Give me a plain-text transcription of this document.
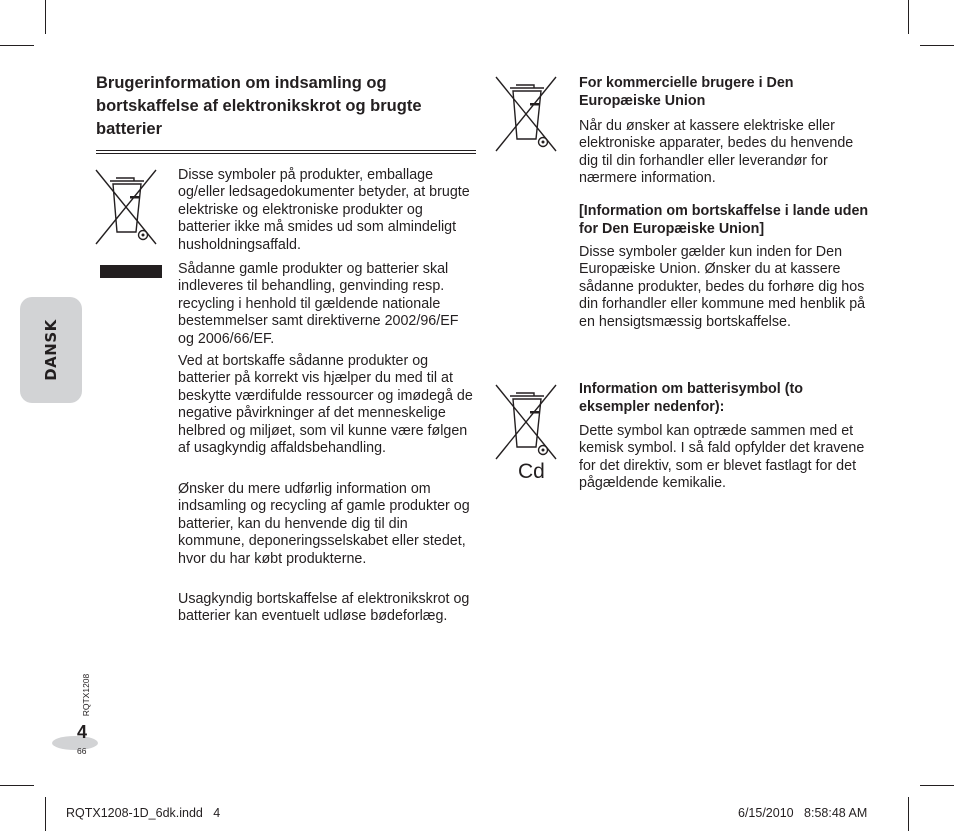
DANSK
Brugerinformation om indsamling og bortskaffelse af elektronikskrot og brugte batterier

Disse symboler på produkter, emballage og/eller ledsagedokumenter betyder, at brugte elektriske og elektroniske produkter og batterier ikke må smides ud som almindeligt husholdningsaffald.

Sådanne gamle produkter og batterier skal indleveres til behandling, genvinding resp. recycling i henhold til gældende nationale bestemmelser samt direktiverne 2002/96/EF og 2006/66/EF.

Ved at bortskaffe sådanne produkter og batterier på korrekt vis hjælper du med til at beskytte værdifulde ressourcer og imødegå de negative påvirkninger af det menneskelige helbred og miljøet, som vil kunne være følgen af usagkyndig affaldsbehandling.

Ønsker du mere udførlig information om indsamling og recycling af gamle produkter og batterier, kan du henvende dig til din kommune, deponeringsselskabet eller stedet, hvor du har købt produkterne.

Usagkyndig bortskaffelse af elektronikskrot og batterier kan eventuelt udløse bødeforlæg.

Cd

For kommercielle brugere i Den Europæiske Union

Når du ønsker at kassere elektriske eller elektroniske apparater, bedes du henvende dig til din forhandler eller leverandør for nærmere information.

[Information om bortskaffelse i lande uden for Den Europæiske Union]

Disse symboler gælder kun inden for Den Europæiske Union. Ønsker du at kassere sådanne produkter, bedes du forhøre dig hos din forhandler eller kommune med henblik på en hensigtsmæssig bortskaffelse.

Information om batterisymbol (to eksempler nedenfor):

Dette symbol kan optræde sammen med et kemisk symbol. I så fald opfylder det kravene for det direktiv, som er blevet fastlagt for det pågældende kemikalie.

RQTX1208
4
66
RQTX1208-1D_6dk.indd   4	6/15/2010   8:58:48 AM
